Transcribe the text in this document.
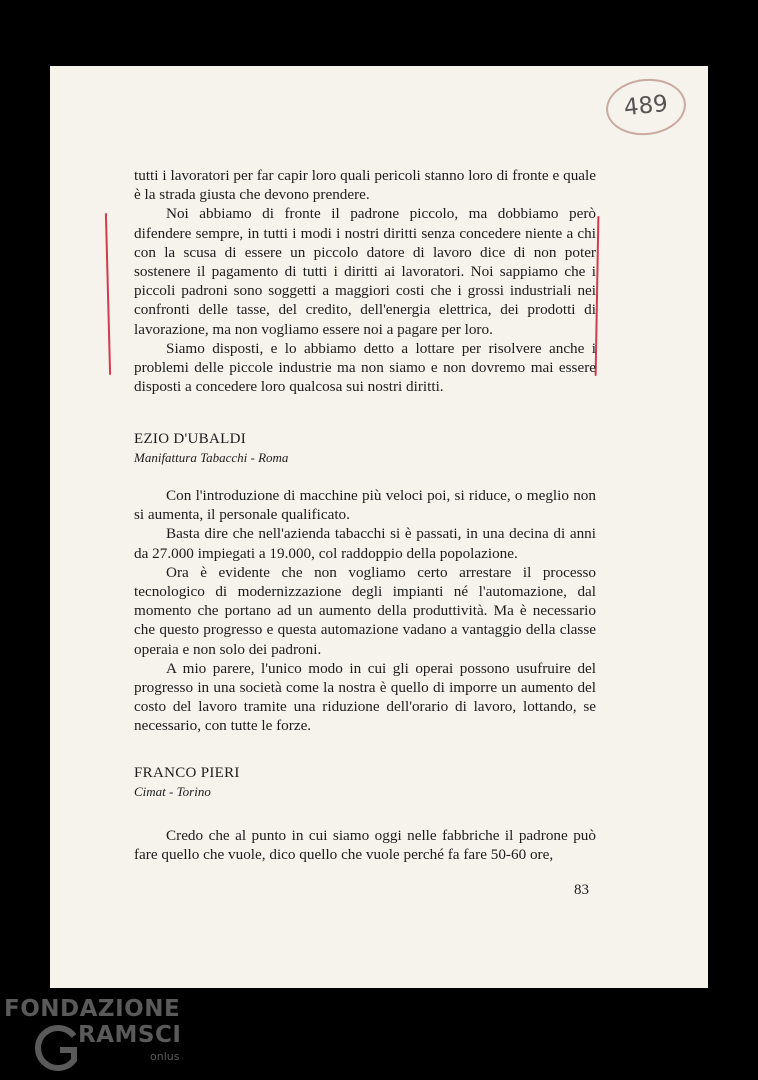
489

tutti i lavoratori per far capir loro quali pericoli stanno loro di fronte e quale è la strada giusta che devono prendere.

Noi abbiamo di fronte il padrone piccolo, ma dobbiamo però difendere sempre, in tutti i modi i nostri diritti senza concedere niente a chi con la scusa di essere un piccolo datore di lavoro dice di non poter sostenere il pagamento di tutti i diritti ai lavoratori. Noi sappiamo che i piccoli padroni sono soggetti a maggiori costi che i grossi industriali nei confronti delle tasse, del credito, dell'energia elettrica, dei prodotti di lavorazione, ma non vogliamo essere noi a pagare per loro.

Siamo disposti, e lo abbiamo detto a lottare per risolvere anche i problemi delle piccole industrie ma non siamo e non dovremo mai essere disposti a concedere loro qualcosa sui nostri diritti.

EZIO D'UBALDI
Manifattura Tabacchi - Roma

Con l'introduzione di macchine più veloci poi, si riduce, o meglio non si aumenta, il personale qualificato.

Basta dire che nell'azienda tabacchi si è passati, in una decina di anni da 27.000 impiegati a 19.000, col raddoppio della popolazione.

Ora è evidente che non vogliamo certo arrestare il processo tecnologico di modernizzazione degli impianti né l'automazione, dal momento che portano ad un aumento della produttività. Ma è necessario che questo progresso e questa automazione vadano a vantaggio della classe operaia e non solo dei padroni.

A mio parere, l'unico modo in cui gli operai possono usufruire del progresso in una società come la nostra è quello di imporre un aumento del costo del lavoro tramite una riduzione dell'orario di lavoro, lottando, se necessario, con tutte le forze.

FRANCO PIERI
Cimat - Torino

Credo che al punto in cui siamo oggi nelle fabbriche il padrone può fare quello che vuole, dico quello che vuole perché fa fare 50-60 ore,

83
FONDAZIONE
RAMSCI
onlus
